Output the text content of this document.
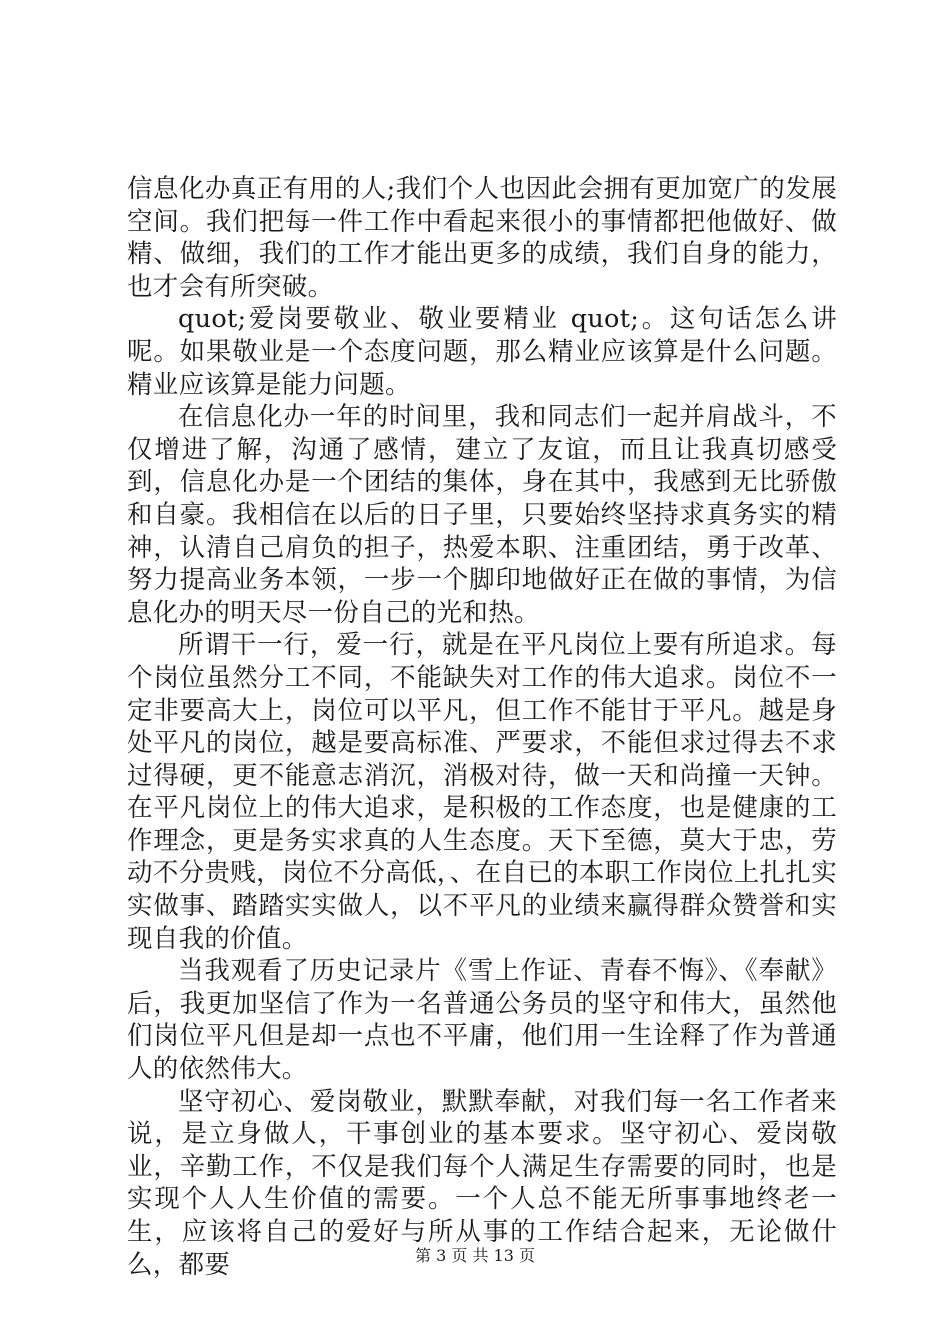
信息化办真正有用的人;我们个人也因此会拥有更加宽广的发展空间。我们把每一件工作中看起来很小的事情都把他做好、做精、做细，我们的工作才能出更多的成绩，我们自身的能力，也才会有所突破。

quot;爱岗要敬业、敬业要精业 quot;。这句话怎么讲呢。如果敬业是一个态度问题，那么精业应该算是什么问题。精业应该算是能力问题。

在信息化办一年的时间里，我和同志们一起并肩战斗，不仅增进了解，沟通了感情，建立了友谊，而且让我真切感受到，信息化办是一个团结的集体，身在其中，我感到无比骄傲和自豪。我相信在以后的日子里，只要始终坚持求真务实的精神，认清自己肩负的担子，热爱本职、注重团结，勇于改革、努力提高业务本领，一步一个脚印地做好正在做的事情，为信息化办的明天尽一份自己的光和热。

所谓干一行，爱一行，就是在平凡岗位上要有所追求。每个岗位虽然分工不同，不能缺失对工作的伟大追求。岗位不一定非要高大上，岗位可以平凡，但工作不能甘于平凡。越是身处平凡的岗位，越是要高标准、严要求，不能但求过得去不求过得硬，更不能意志消沉，消极对待，做一天和尚撞一天钟。在平凡岗位上的伟大追求，是积极的工作态度，也是健康的工作理念，更是务实求真的人生态度。天下至德，莫大于忠，劳动不分贵贱，岗位不分高低，、在自已的本职工作岗位上扎扎实实做事、踏踏实实做人，以不平凡的业绩来赢得群众赞誉和实现自我的价值。

当我观看了历史记录片《雪上作证、青春不悔》、《奉献》后，我更加坚信了作为一名普通公务员的坚守和伟大，虽然他们岗位平凡但是却一点也不平庸，他们用一生诠释了作为普通人的依然伟大。

坚守初心、爱岗敬业，默默奉献，对我们每一名工作者来说，是立身做人，干事创业的基本要求。坚守初心、爱岗敬业，辛勤工作，不仅是我们每个人满足生存需要的同时，也是实现个人人生价值的需要。一个人总不能无所事事地终老一生，应该将自己的爱好与所从事的工作结合起来，无论做什么，都要	第 3 页 共 13 页
